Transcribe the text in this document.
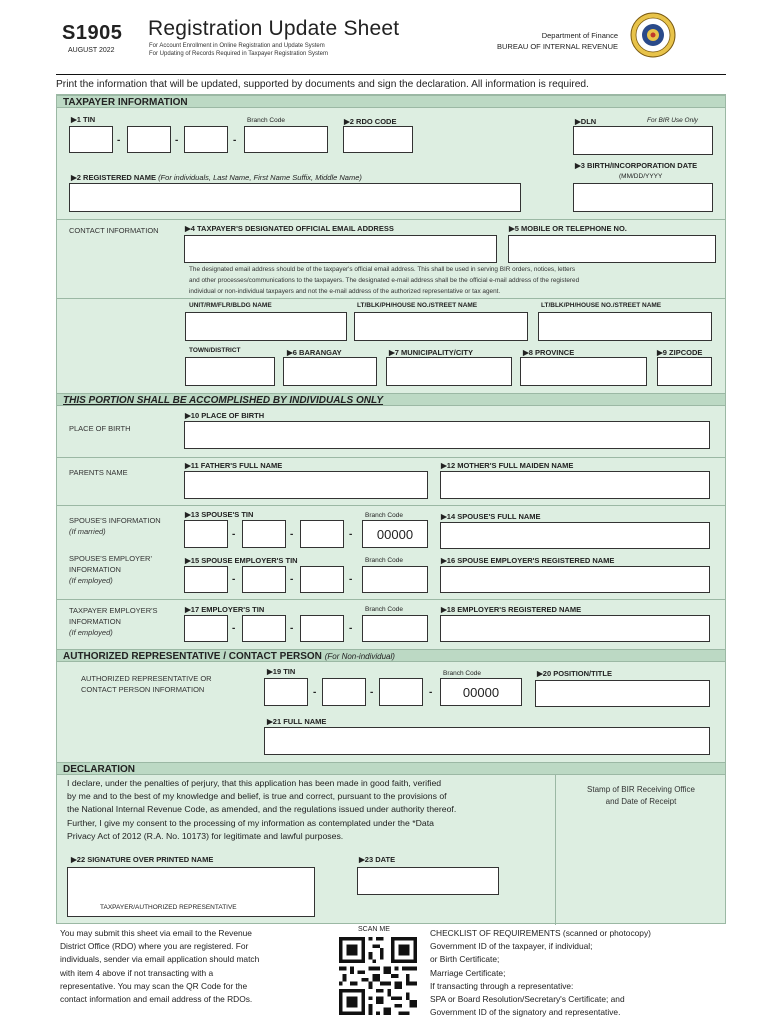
S1905
AUGUST 2022
Registration Update Sheet
For Account Enrollment in Online Registration and Update System
For Updating of Records Required in Taxpayer Registration System
Department of Finance
BUREAU OF INTERNAL REVENUE
Print the information that will be updated, supported by documents and sign the declaration. All information is required.
TAXPAYER INFORMATION
▶1 TIN
-	-	-
Branch Code	▶2 RDO CODE	▶DLN	For BIR Use Only
▶3 BIRTH/INCORPORATION DATE
(MM/DD/YYYY
▶2 REGISTERED NAME (For individuals, Last Name, First Name Suffix, Middle Name)
CONTACT INFORMATION	▶4 TAXPAYER'S DESIGNATED OFFICIAL EMAIL ADDRESS	▶5 MOBILE OR TELEPHONE NO.
The designated email address should be of the taxpayer's official email address. This shall be used in serving BIR orders, notices, letters
and other processes/communications to the taxpayers. The designated e-mail address shall be the official e-mail address of the registered
individual or non-individual taxpayers and not the e-mail address of the authorized representative or tax agent.
UNIT/RM/FLR/BLDG NAME	LT/BLK/PH/HOUSE NO./STREET NAME	LT/BLK/PH/HOUSE NO./STREET NAME
TOWN/DISTRICT	▶6 BARANGAY	▶7 MUNICIPALITY/CITY	▶8 PROVINCE	▶9 ZIPCODE
THIS PORTION SHALL BE ACCOMPLISHED BY INDIVIDUALS ONLY
PLACE OF BIRTH
▶10 PLACE OF BIRTH
PARENTS NAME
▶11 FATHER'S FULL NAME	▶12 MOTHER'S FULL MAIDEN NAME
SPOUSE'S INFORMATION
(If married)
▶13 SPOUSE'S TIN
-	-	-
Branch Code
00000
▶14 SPOUSE'S FULL NAME
SPOUSE'S EMPLOYER'
INFORMATION
(If employed)
▶15 SPOUSE EMPLOYER'S TIN
-	-	-
Branch Code	▶16 SPOUSE EMPLOYER'S REGISTERED NAME
TAXPAYER EMPLOYER'S
INFORMATION
(If employed)
▶17 EMPLOYER'S TIN
-	-	-
Branch Code	▶18 EMPLOYER'S REGISTERED NAME
AUTHORIZED REPRESENTATIVE / CONTACT PERSON (For Non-individual)
AUTHORIZED REPRESENTATIVE OR
CONTACT PERSON INFORMATION
▶19 TIN
-	-	-
Branch Code
00000
▶20 POSITION/TITLE
▶21 FULL NAME
DECLARATION
I declare, under the penalties of perjury, that this application has been made in good faith, verified
by me and to the best of my knowledge and belief, is true and correct, pursuant to the provisions of
the National Internal Revenue Code, as amended, and the regulations issued under authority thereof.
Further, I give my consent to the processing of my information as contemplated under the *Data
Privacy Act of 2012 (R.A. No. 10173) for legitimate and lawful purposes.
Stamp of BIR Receiving Office
and Date of Receipt
▶22 SIGNATURE OVER PRINTED NAME
TAXPAYER/AUTHORIZED REPRESENTATIVE
▶23 DATE
You may submit this sheet via email to the Revenue
District Office (RDO) where you are registered. For
individuals, sender via email application should match
with item 4 above if not transacting with a
representative. You may scan the QR Code for the
contact information and email address of the RDOs.
SCAN ME	CHECKLIST OF REQUIREMENTS (scanned or photocopy)
Government ID of the taxpayer, if individual;
or Birth Certificate;
Marriage Certificate;
If transacting through a representative:
SPA or Board Resolution/Secretary's Certificate; and
Government ID of the signatory and representative.
